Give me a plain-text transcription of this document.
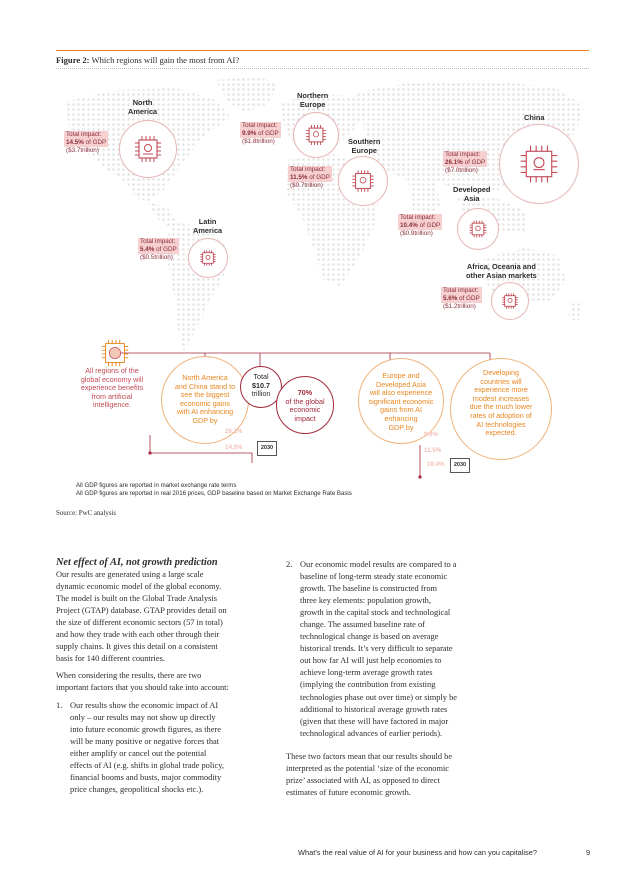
Figure 2: Which regions will gain the most from AI?
North
America
Total impact:
14.5% of GDP
($3.7trillion)
Northern
Europe
Total impact:
9.9% of GDP
($1.8trillion)	Southern
Europe
Total impact:
11.5% of GDP
($0.7trillion)
China
Total impact:
26.1% of GDP
($7.0trillion)
Developed
Asia
Total impact:
10.4% of GDP
($0.9trillion)
Latin
America
Total impact:
5.4% of GDP
($0.5trillion)
Africa, Oceania and
other Asian markets
Total impact:
5.6% of GDP
($1.2trillion)
All regions of the
global economy will
experience benefits
from artificial
intelligence.
North America
and China stand to
see the biggest
economic gains
with AI enhancing
GDP by
26.1%
14.5%	2030
Total
$10.7
trillion	70%
of the global
economic
impact
Europe and
Developed Asia
will also experience
significant economic
gains from AI
enhancing
GDP by
9.9%
11.5%
10.4%	2030
Developing
countries will
experience more
modest increases
due the much lower
rates of adoption of
AI technologies
expected.
All GDP figures are reported in market exchange rate terms
All GDP figures are reported in real 2016 prices, GDP baseline based on Market Exchange Rate Basis
Source: PwC analysis
Net effect of AI, not growth prediction
Our results are generated using a large scale
dynamic economic model of the global economy.
The model is built on the Global Trade Analysis
Project (GTAP) database. GTAP provides detail on
the size of different economic sectors (57 in total)
and how they trade with each other through their
supply chains. It gives this detail on a consistent
basis for 140 different countries.
When considering the results, there are two
important factors that you should take into account:
1. Our results show the economic impact of AI
only – our results may not show up directly
into future economic growth figures, as there
will be many positive or negative forces that
either amplify or cancel out the potential
effects of AI (e.g. shifts in global trade policy,
financial booms and busts, major commodity
price changes, geopolitical shocks etc.).
2. Our economic model results are compared to a
baseline of long-term steady state economic
growth. The baseline is constructed from
three key elements: population growth,
growth in the capital stock and technological
change. The assumed baseline rate of
technological change is based on average
historical trends. It’s very difficult to separate
out how far AI will just help economies to
achieve long-term average growth rates
(implying the contribution from existing
technologies phase out over time) or simply be
additional to historical average growth rates
(given that these will have factored in major
technological advances of earlier periods).
These two factors mean that our results should be
interpreted as the potential ‘size of the economic
prize’ associated with AI, as opposed to direct
estimates of future economic growth.
What’s the real value of AI for your business and how can you capitalise?	9
